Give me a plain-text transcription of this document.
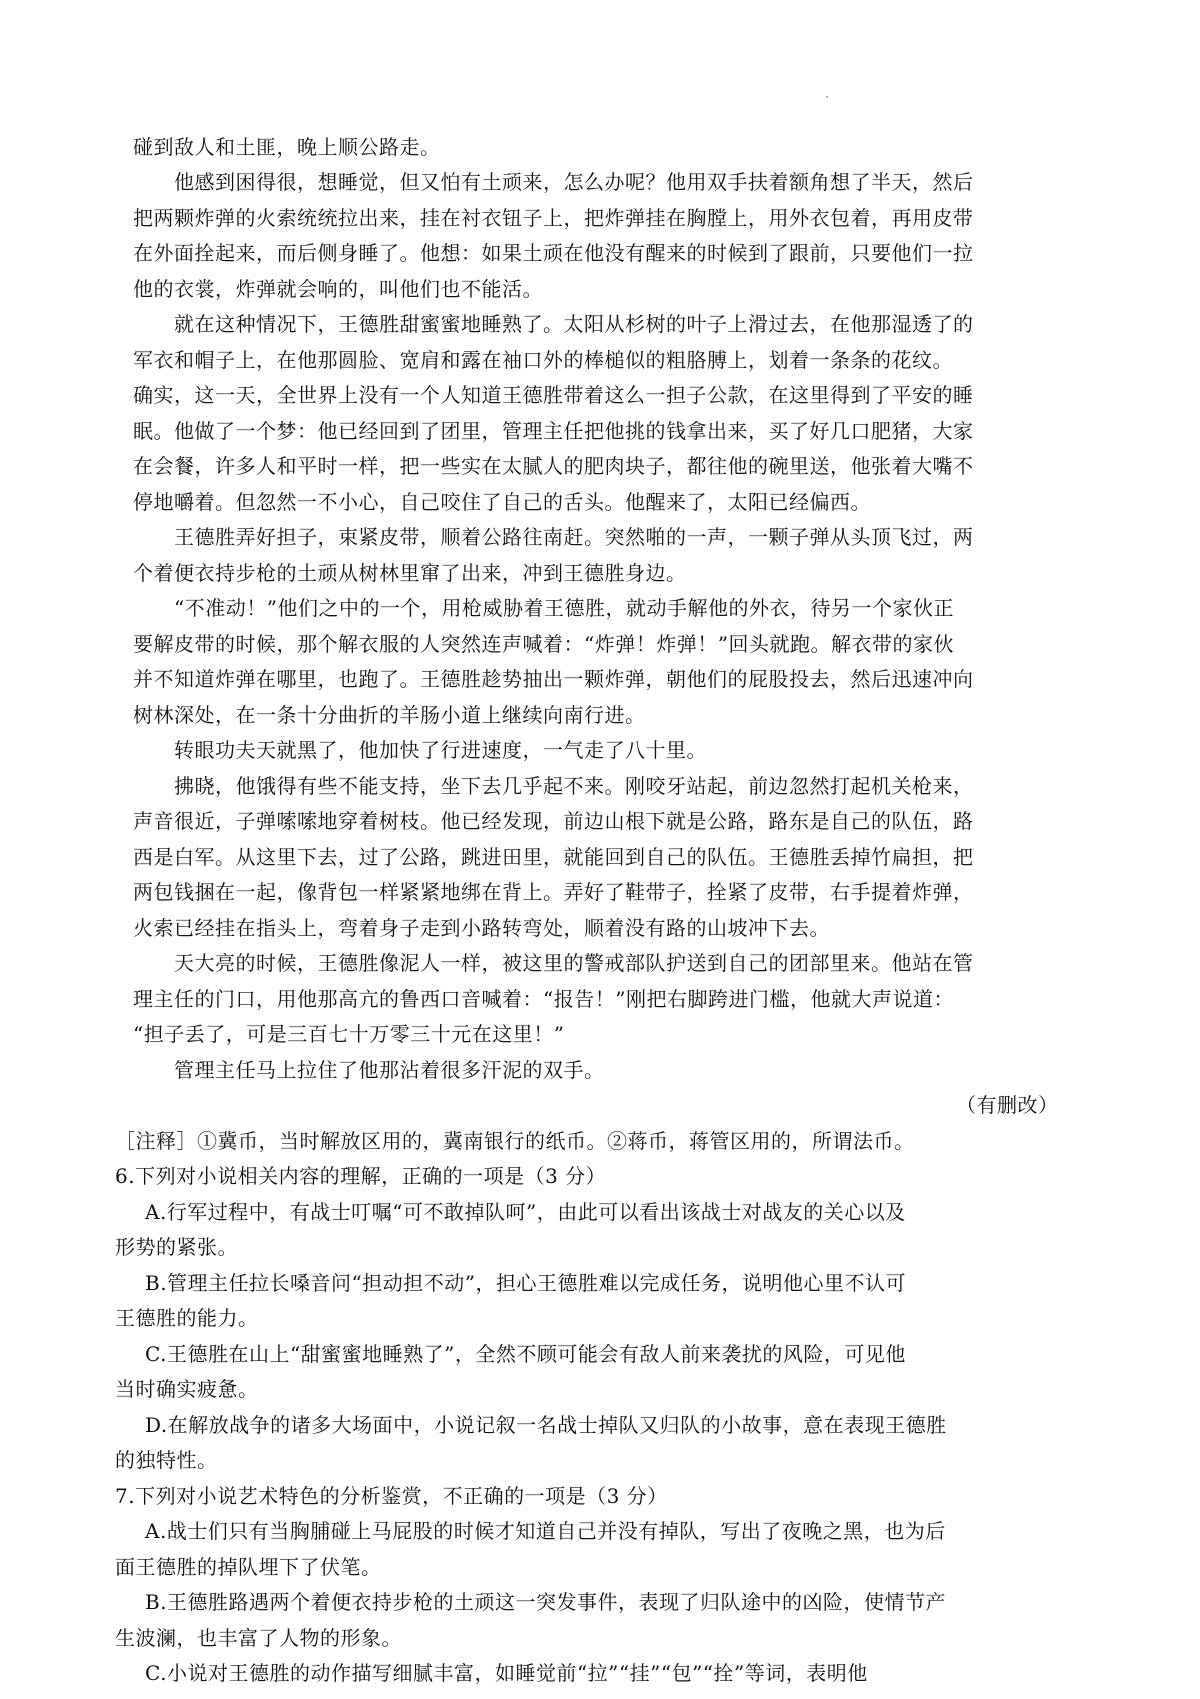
碰到敌人和土匪，晚上顺公路走。
他感到困得很，想睡觉，但又怕有土顽来，怎么办呢？他用双手扶着额角想了半天，然后
把两颗炸弹的火索统统拉出来，挂在衬衣钮子上，把炸弹挂在胸膛上，用外衣包着，再用皮带
在外面拴起来，而后侧身睡了。他想：如果土顽在他没有醒来的时候到了跟前，只要他们一拉
他的衣裳，炸弹就会响的，叫他们也不能活。
就在这种情况下，王德胜甜蜜蜜地睡熟了。太阳从杉树的叶子上滑过去，在他那湿透了的
军衣和帽子上，在他那圆脸、宽肩和露在袖口外的棒槌似的粗胳膊上，划着一条条的花纹。
确实，这一天，全世界上没有一个人知道王德胜带着这么一担子公款，在这里得到了平安的睡
眠。他做了一个梦：他已经回到了团里，管理主任把他挑的钱拿出来，买了好几口肥猪，大家
在会餐，许多人和平时一样，把一些实在太腻人的肥肉块子，都往他的碗里送，他张着大嘴不
停地嚼着。但忽然一不小心，自己咬住了自己的舌头。他醒来了，太阳已经偏西。
王德胜弄好担子，束紧皮带，顺着公路往南赶。突然啪的一声，一颗子弹从头顶飞过，两
个着便衣持步枪的土顽从树林里窜了出来，冲到王德胜身边。
“不准动！”他们之中的一个，用枪威胁着王德胜，就动手解他的外衣，待另一个家伙正
要解皮带的时候，那个解衣服的人突然连声喊着：“炸弹！炸弹！”回头就跑。解衣带的家伙
并不知道炸弹在哪里，也跑了。王德胜趁势抽出一颗炸弹，朝他们的屁股投去，然后迅速冲向
树林深处，在一条十分曲折的羊肠小道上继续向南行进。
转眼功夫天就黑了，他加快了行进速度，一气走了八十里。
拂晓，他饿得有些不能支持，坐下去几乎起不来。刚咬牙站起，前边忽然打起机关枪来，
声音很近，子弹嗦嗦地穿着树枝。他已经发现，前边山根下就是公路，路东是自己的队伍，路
西是白军。从这里下去，过了公路，跳进田里，就能回到自己的队伍。王德胜丢掉竹扁担，把
两包钱捆在一起，像背包一样紧紧地绑在背上。弄好了鞋带子，拴紧了皮带，右手提着炸弹，
火索已经挂在指头上，弯着身子走到小路转弯处，顺着没有路的山坡冲下去。
天大亮的时候，王德胜像泥人一样，被这里的警戒部队护送到自己的团部里来。他站在管
理主任的门口，用他那高亢的鲁西口音喊着：“报告！”刚把右脚跨进门槛，他就大声说道：
“担子丢了，可是三百七十万零三十元在这里！”
管理主任马上拉住了他那沾着很多汗泥的双手。
（有删改）
［注释］①冀币，当时解放区用的，冀南银行的纸币。②蒋币，蒋管区用的，所谓法币。
6.下列对小说相关内容的理解，正确的一项是（3 分）
A.行军过程中，有战士叮嘱“可不敢掉队呵”，由此可以看出该战士对战友的关心以及
形势的紧张。
B.管理主任拉长嗓音问“担动担不动”，担心王德胜难以完成任务，说明他心里不认可
王德胜的能力。
C.王德胜在山上“甜蜜蜜地睡熟了”，全然不顾可能会有敌人前来袭扰的风险，可见他
当时确实疲惫。
D.在解放战争的诸多大场面中，小说记叙一名战士掉队又归队的小故事，意在表现王德胜
的独特性。
7.下列对小说艺术特色的分析鉴赏，不正确的一项是（3 分）
A.战士们只有当胸脯碰上马屁股的时候才知道自己并没有掉队，写出了夜晚之黑，也为后
面王德胜的掉队埋下了伏笔。
B.王德胜路遇两个着便衣持步枪的土顽这一突发事件，表现了归队途中的凶险，使情节产
生波澜，也丰富了人物的形象。
C.小说对王德胜的动作描写细腻丰富，如睡觉前“拉”“挂”“包”“拴”等词，表明他
